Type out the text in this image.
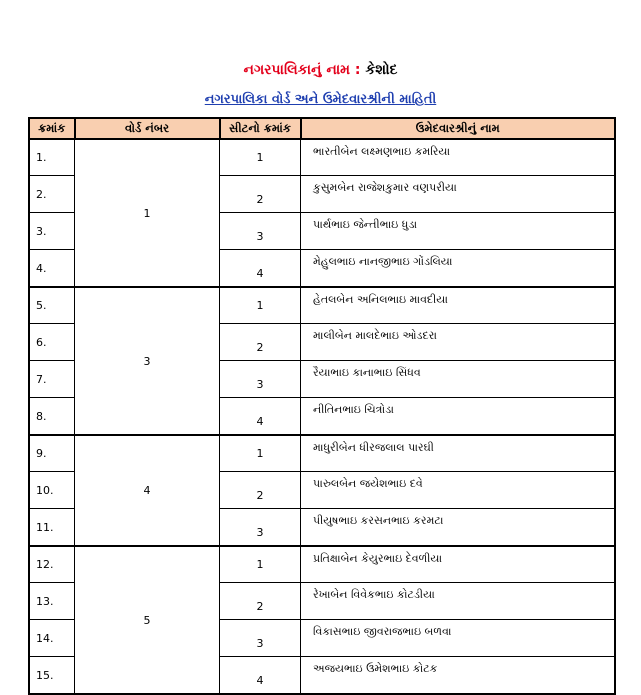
નગરપાલિકાનું નામ : કેશોદ
નગરપાલિકા વોર્ડ અને ઉમેદવારશ્રીની માહિતી
ક્રમાંક	વોર્ડ નંબર	સીટનો ક્રમાંક	ઉમેદવારશ્રીનું નામ
1.	1	1	ભારતીબેન લક્ષ્મણભાઇ કમરિયા
2.		2	કુસુમબેન રાજેશકુમાર વણપરીયા
3.		3	પાર્થભાઇ જેન્તીભાઇ ધુડા
4.		4	મેહુલભાઇ નાનજીભાઇ ગોંડલિયા
5.	3	1	હેતલબેન અનિલભાઇ માવદીયા
6.		2	માલીબેન માલદેભાઇ ઓડદરા
7.		3	રૈયાભાઇ કાનાભાઇ સિંધવ
8.		4	નીતિનભાઇ ચિત્રોડા
9.	4	1	માધુરીબેન ધીરજલાલ પારઘી
10.		2	પારુલબેન જયેશભાઇ દવે
11.		3	પીયુષભાઇ કરસનભાઇ કરમટા
12.	5	1	પ્રતિક્ષાબેન કેયુરભાઇ દેવળીયા
13.		2	રેખાબેન વિવેકભાઇ કોટડીયા
14.		3	વિકાસભાઇ જીવરાજભાઇ બળવા
15.		4	અજયભાઇ ઉમેશભાઇ કોટક
